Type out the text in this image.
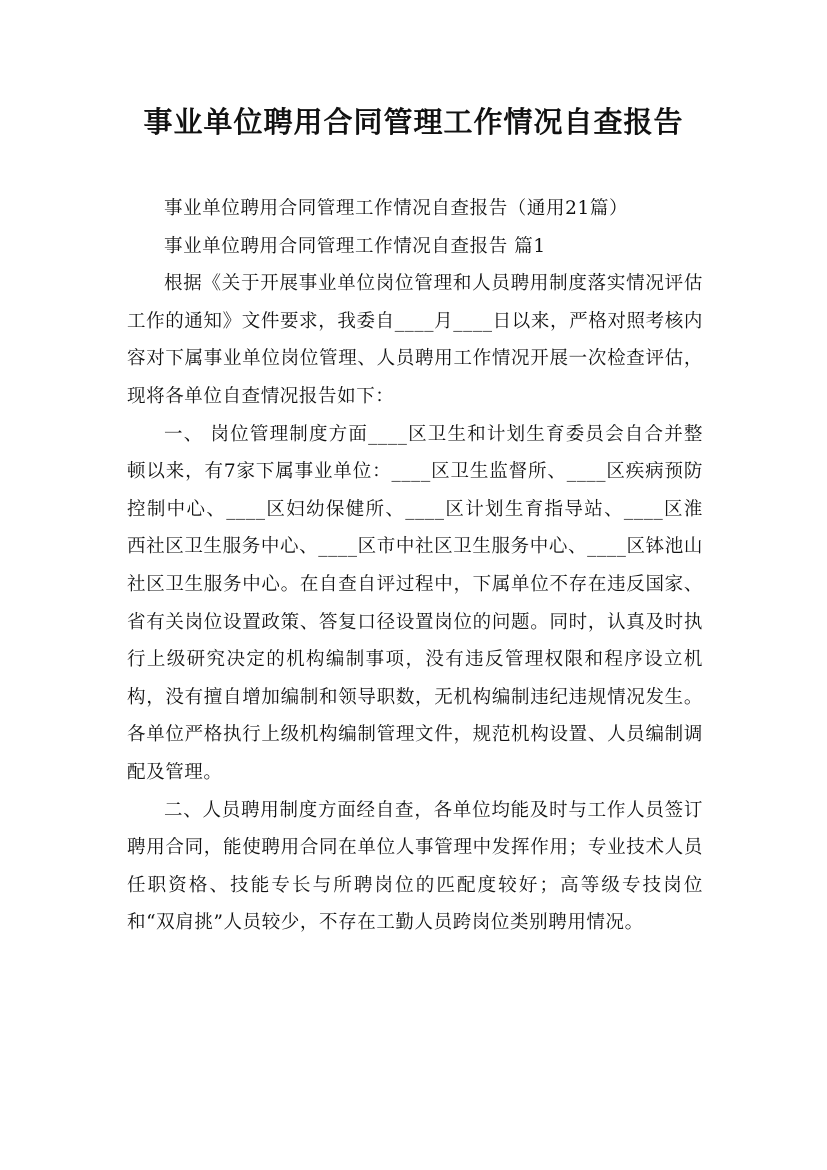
事业单位聘用合同管理工作情况自查报告

事业单位聘用合同管理工作情况自查报告（通用21篇）

事业单位聘用合同管理工作情况自查报告 篇1

根据《关于开展事业单位岗位管理和人员聘用制度落实情况评估工作的通知》文件要求，我委自____月____日以来，严格对照考核内容对下属事业单位岗位管理、人员聘用工作情况开展一次检查评估，现将各单位自查情况报告如下：

一、 岗位管理制度方面____区卫生和计划生育委员会自合并整顿以来，有7家下属事业单位：____区卫生监督所、____区疾病预防控制中心、____区妇幼保健所、____区计划生育指导站、____区淮西社区卫生服务中心、____区市中社区卫生服务中心、____区钵池山社区卫生服务中心。在自查自评过程中，下属单位不存在违反国家、省有关岗位设置政策、答复口径设置岗位的问题。同时，认真及时执行上级研究决定的机构编制事项，没有违反管理权限和程序设立机构，没有擅自增加编制和领导职数，无机构编制违纪违规情况发生。各单位严格执行上级机构编制管理文件，规范机构设置、人员编制调配及管理。

二、人员聘用制度方面经自查，各单位均能及时与工作人员签订聘用合同，能使聘用合同在单位人事管理中发挥作用；专业技术人员任职资格、技能专长与所聘岗位的匹配度较好；高等级专技岗位和“双肩挑”人员较少，不存在工勤人员跨岗位类别聘用情况。
